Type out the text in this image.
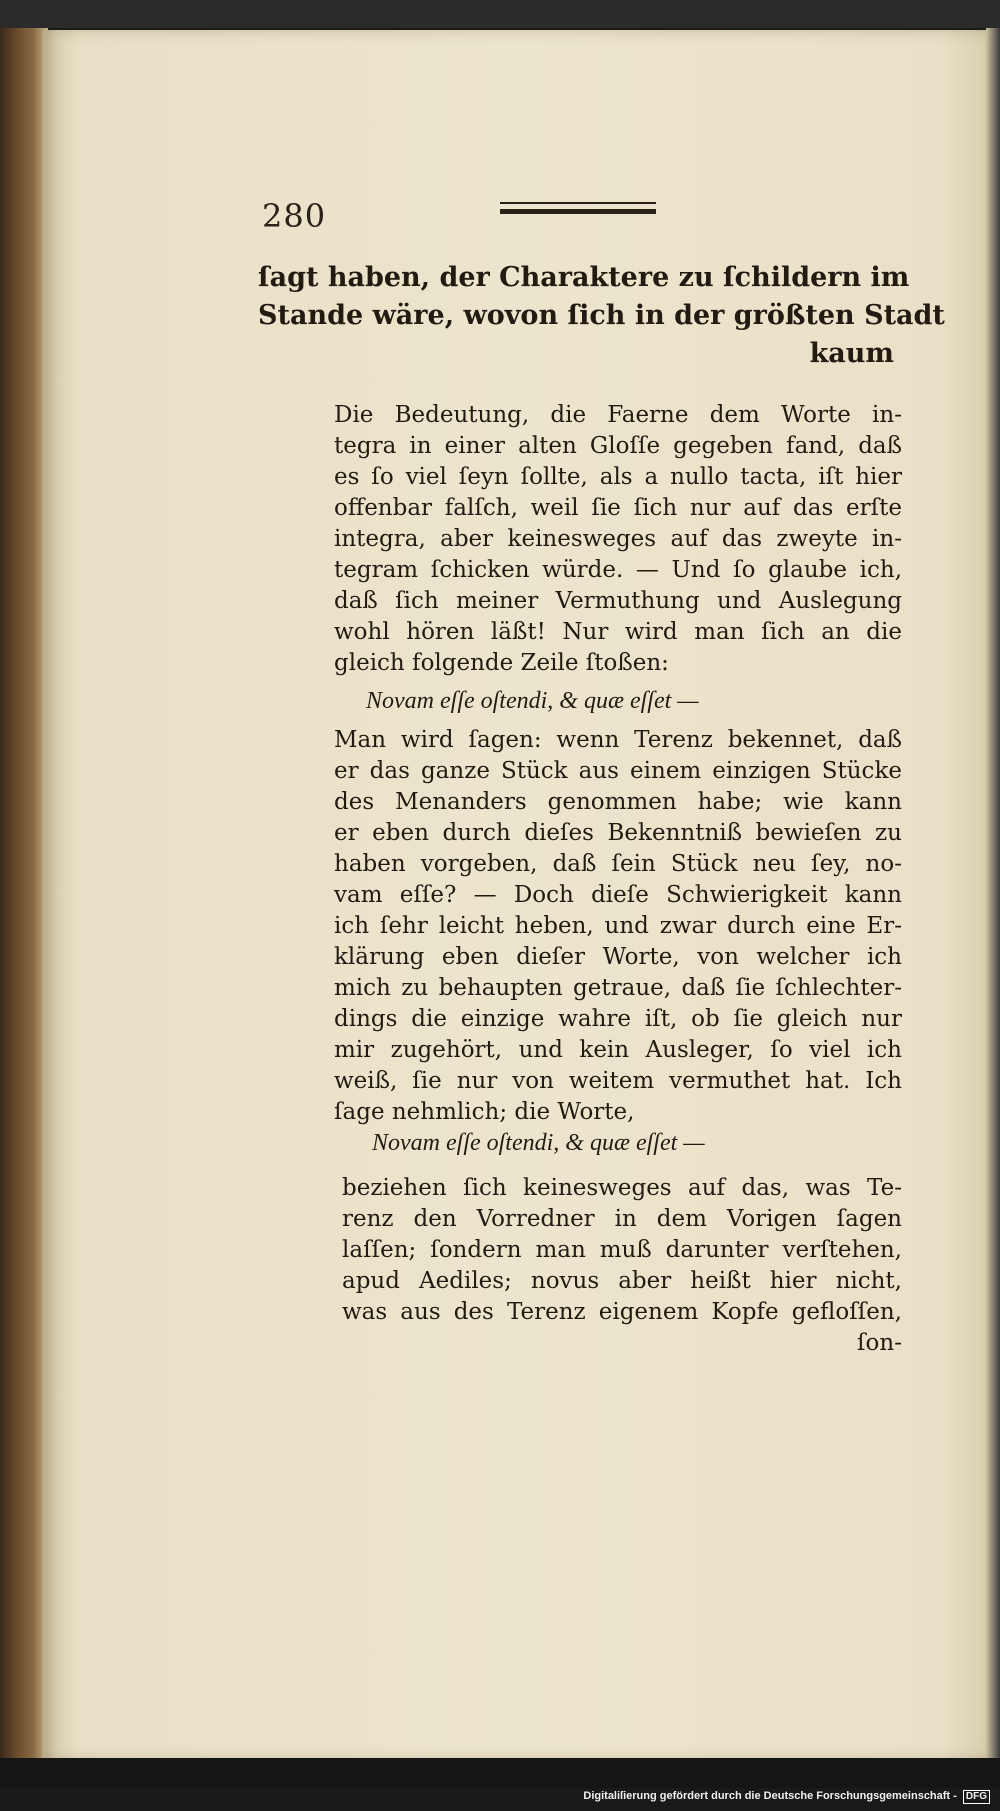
280
ſagt haben, der Charaktere zu ſchildern im
Stande wäre, wovon ſich in der größten Stadt
kaum
Die Bedeutung, die Faerne dem Worte in-
tegra in einer alten Gloſſe gegeben fand, daß
es ſo viel ſeyn ſollte, als a nullo tacta, iſt hier
offenbar falſch, weil ſie ſich nur auf das erſte
integra, aber keinesweges auf das zweyte in-
tegram ſchicken würde. — Und ſo glaube ich,
daß ſich meiner Vermuthung und Auslegung
wohl hören läßt! Nur wird man ſich an die
gleich folgende Zeile ſtoßen:
Novam eſſe oſtendi, & quæ eſſet —
Man wird ſagen: wenn Terenz bekennet, daß
er das ganze Stück aus einem einzigen Stücke
des Menanders genommen habe; wie kann
er eben durch dieſes Bekenntniß bewieſen zu
haben vorgeben, daß ſein Stück neu ſey, no-
vam eſſe? — Doch dieſe Schwierigkeit kann
ich ſehr leicht heben, und zwar durch eine Er-
klärung eben dieſer Worte, von welcher ich
mich zu behaupten getraue, daß ſie ſchlechter-
dings die einzige wahre iſt, ob ſie gleich nur
mir zugehört, und kein Ausleger, ſo viel ich
weiß, ſie nur von weitem vermuthet hat. Ich
ſage nehmlich; die Worte,
Novam eſſe oſtendi, & quæ eſſet —
beziehen ſich keinesweges auf das, was Te-
renz den Vorredner in dem Vorigen ſagen
laſſen; ſondern man muß darunter verſtehen,
apud Aediles; novus aber heißt hier nicht,
was aus des Terenz eigenem Kopfe gefloſſen,
ſon-
Digitaliſierung gefördert durch die Deutsche Forschungsgemeinschaft - DFG
